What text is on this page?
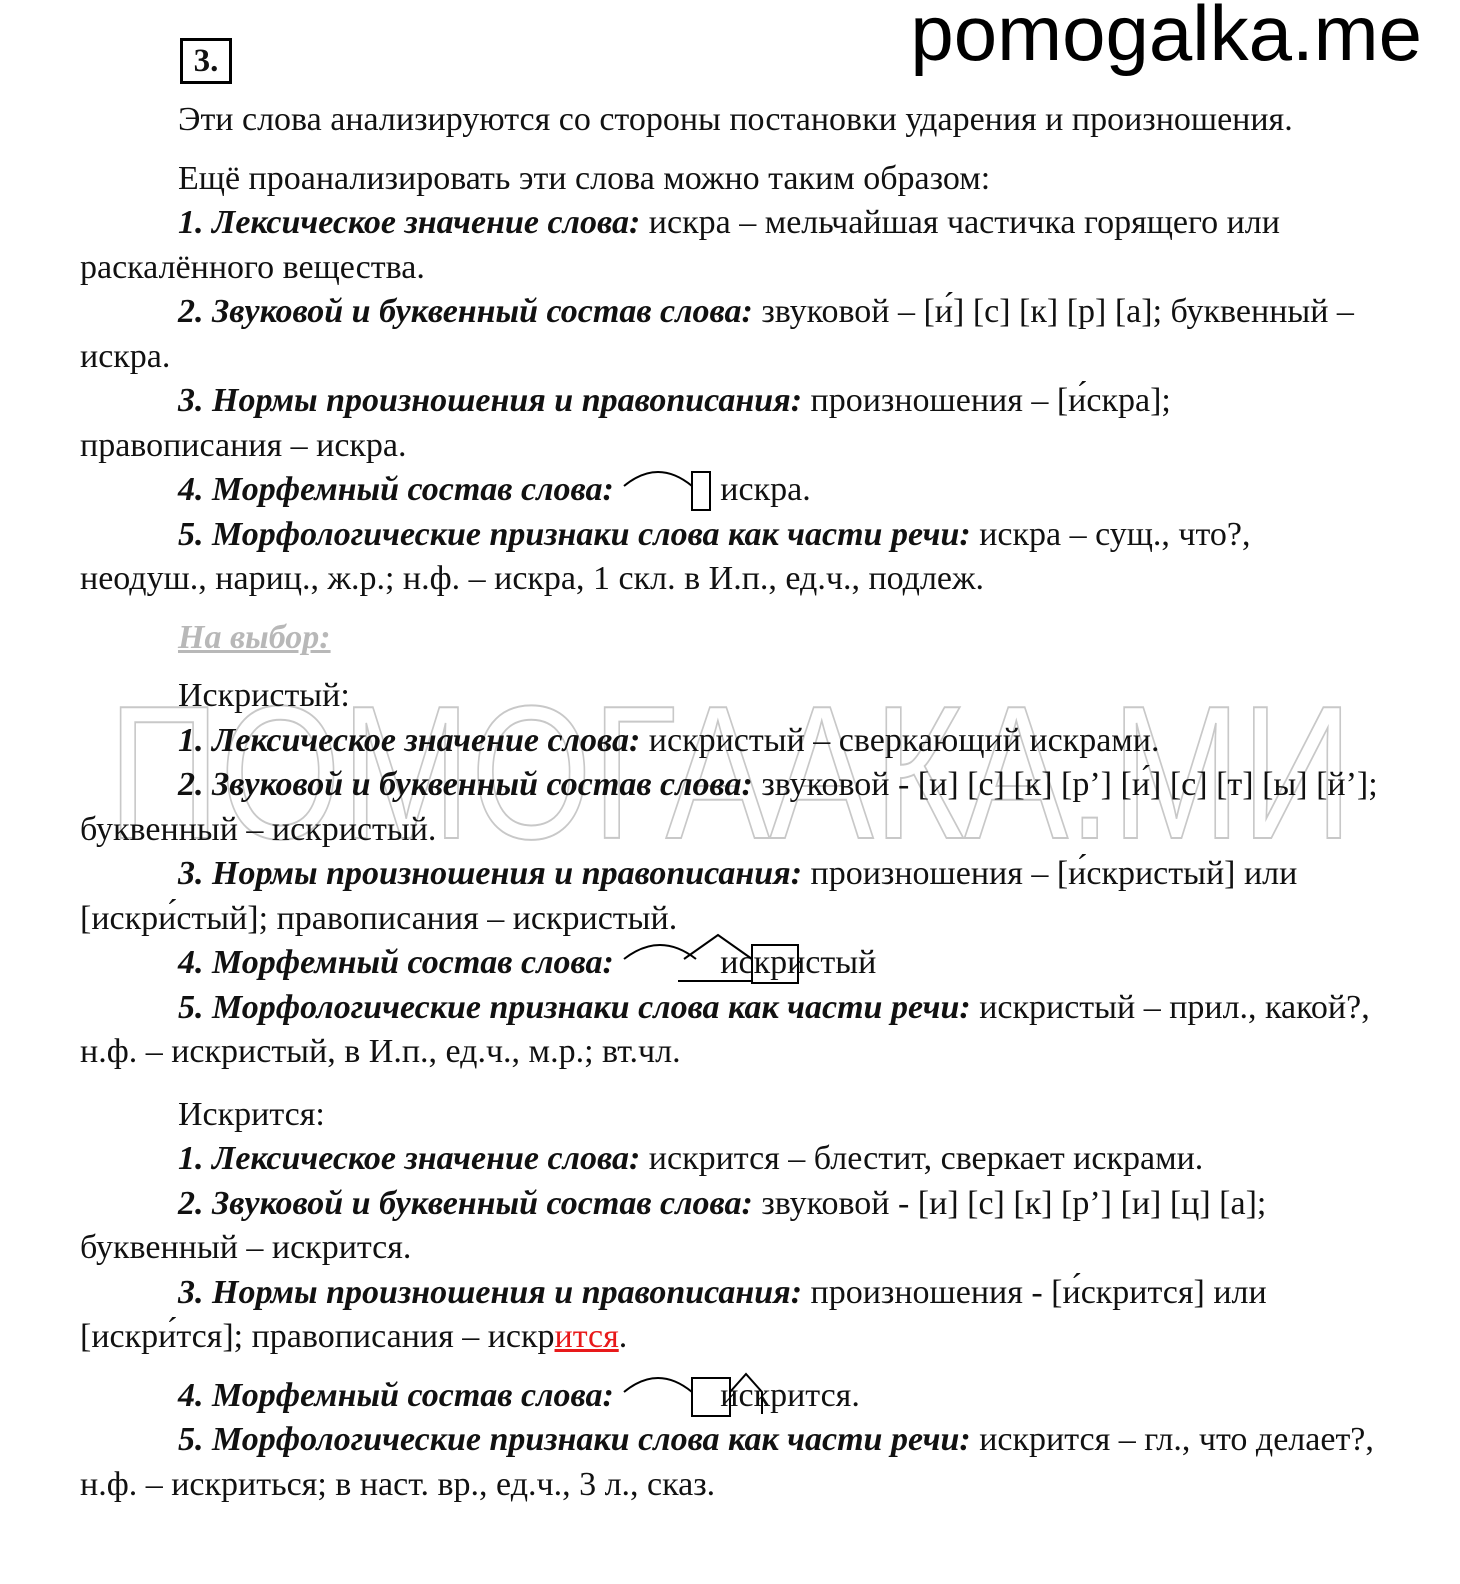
pomogalka.me
3.
ПОМОГААКА.МИ

Эти слова анализируются со стороны постановки ударения и произношения.

Ещё проанализировать эти слова можно таким образом:

1. Лексическое значение слова: искра – мельчайшая частичка горящего или раскалённого вещества.

2. Звуковой и буквенный состав слова: звуковой – [и́] [с] [к] [р] [а]; буквенный – искра.

3. Нормы произношения и правописания: произношения – [и́скра]; правописания – искра.

4. Морфемный состав слова:	искра.

5. Морфологические признаки слова как части речи: искра – сущ., что?, неодуш., нариц., ж.р.; н.ф. – искра, 1 скл. в И.п., ед.ч., подлеж.

На выбор:

Искристый:

1. Лексическое значение слова: искристый – сверкающий искрами.

2. Звуковой и буквенный состав слова: звуковой - [и] [с] [к] [р’] [и́] [с] [т] [ы] [й’]; буквенный – искристый.

3. Нормы произношения и правописания: произношения – [и́скристый] или [искри́стый]; правописания – искристый.

4. Морфемный состав слова:	искристый

5. Морфологические признаки слова как части речи: искристый – прил., какой?, н.ф. – искристый, в И.п., ед.ч., м.р.; вт.чл.

Искрится:

1. Лексическое значение слова: искрится – блестит, сверкает искрами.

2. Звуковой и буквенный состав слова: звуковой - [и] [с] [к] [р’] [и] [ц] [а]; буквенный – искрится.

3. Нормы произношения и правописания: произношения - [и́скрится] или [искри́тся]; правописания – искрится.

4. Морфемный состав слова:	искрится.

5. Морфологические признаки слова как части речи: искрится – гл., что делает?, н.ф. – искриться; в наст. вр., ед.ч., 3 л., сказ.
